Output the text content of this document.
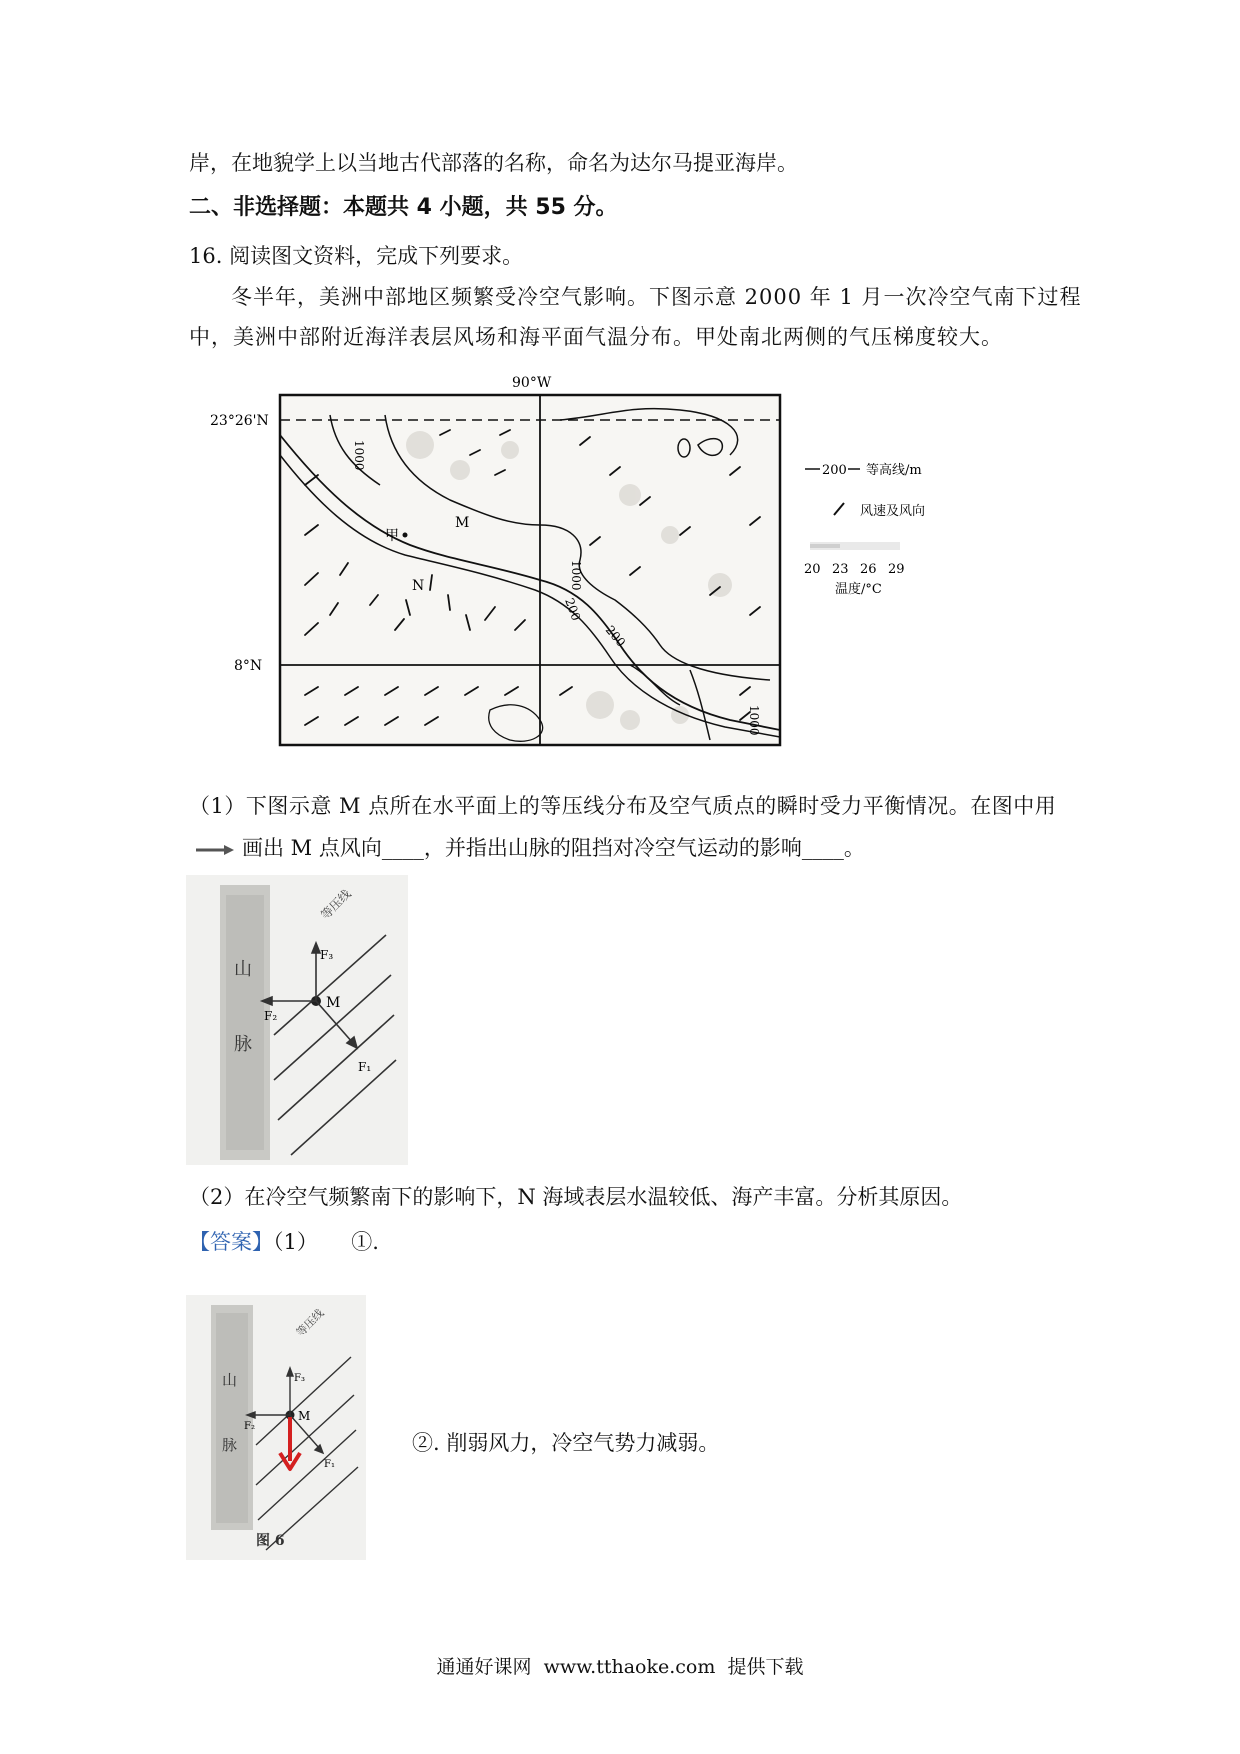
岸，在地貌学上以当地古代部落的名称，命名为达尔马提亚海岸。
二、非选择题：本题共 4 小题，共 55 分。
16. 阅读图文资料，完成下列要求。
冬半年，美洲中部地区频繁受冷空气影响。下图示意 2000 年 1 月一次冷空气南下过程
中，美洲中部附近海洋表层风场和海平面气温分布。甲处南北两侧的气压梯度较大。
90°W
23°26'N
8°N
甲
M
N
1000
1000
200
200
1000
200 等高线/m
风速及风向
20 23 26 29
温度/°C
（1）下图示意 M 点所在水平面上的等压线分布及空气质点的瞬时受力平衡情况。在图中用
画出 M 点风向____，并指出山脉的阻挡对冷空气运动的影响____。
山
脉
等压线
M
F₃
F₂
F₁
（2）在冷空气频繁南下的影响下，N 海域表层水温较低、海产丰富。分析其原因。
【答案】（1）     ①.
山
脉
等压线
M
F₃
F₂
F₁
图 6
②. 削弱风力，冷空气势力减弱。
通通好课网  www.tthaoke.com  提供下载
